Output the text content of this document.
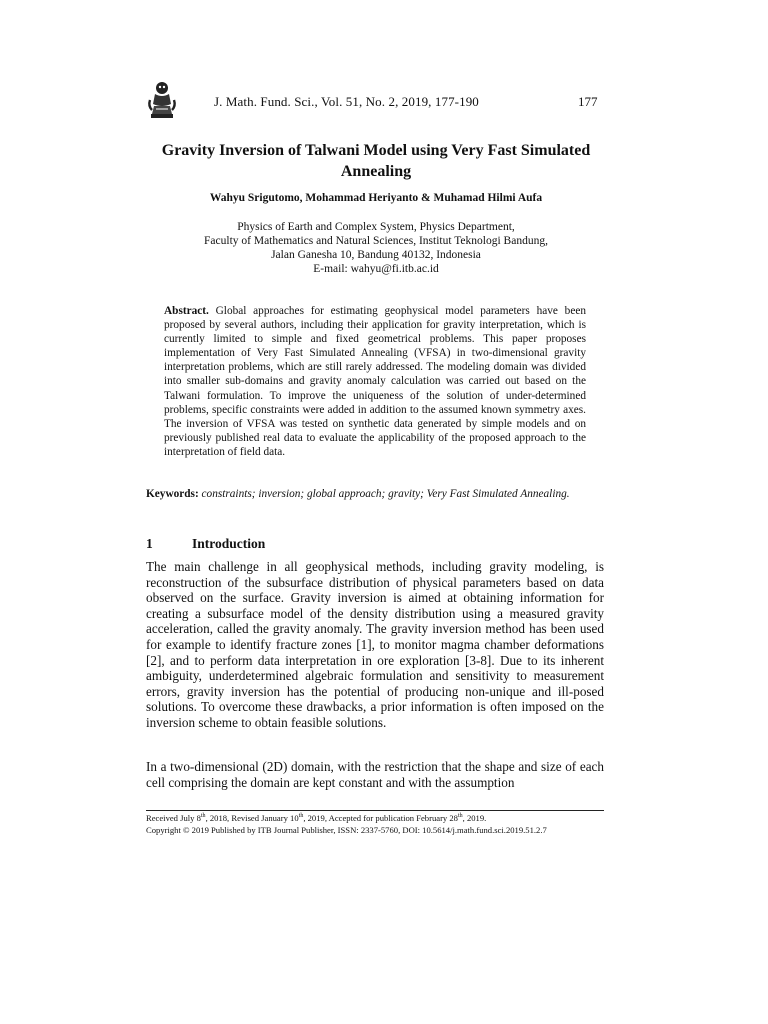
J. Math. Fund. Sci., Vol. 51, No. 2, 2019, 177-190	177
Gravity Inversion of Talwani Model using Very Fast Simulated Annealing

Wahyu Srigutomo, Mohammad Heriyanto & Muhamad Hilmi Aufa

Physics of Earth and Complex System, Physics Department,
Faculty of Mathematics and Natural Sciences, Institut Teknologi Bandung,
Jalan Ganesha 10, Bandung 40132, Indonesia
E-mail: wahyu@fi.itb.ac.id

Abstract. Global approaches for estimating geophysical model parameters have been proposed by several authors, including their application for gravity interpretation, which is currently limited to simple and fixed geometrical problems. This paper proposes implementation of Very Fast Simulated Annealing (VFSA) in two-dimensional gravity interpretation problems, which are still rarely addressed. The modeling domain was divided into smaller sub-domains and gravity anomaly calculation was carried out based on the Talwani formulation. To improve the uniqueness of the solution of under-determined problems, specific constraints were added in addition to the assumed known symmetry axes. The inversion of VFSA was tested on synthetic data generated by simple models and on previously published real data to evaluate the applicability of the proposed approach to the interpretation of field data.

Keywords: constraints; inversion; global approach; gravity; Very Fast Simulated Annealing.

1	Introduction

The main challenge in all geophysical methods, including gravity modeling, is reconstruction of the subsurface distribution of physical parameters based on data observed on the surface. Gravity inversion is aimed at obtaining information for creating a subsurface model of the density distribution using a measured gravity acceleration, called the gravity anomaly. The gravity inversion method has been used for example to identify fracture zones [1], to monitor magma chamber deformations [2], and to perform data interpretation in ore exploration [3-8]. Due to its inherent ambiguity, underdetermined algebraic formulation and sensitivity to measurement errors, gravity inversion has the potential of producing non-unique and ill-posed solutions. To overcome these drawbacks, a prior information is often imposed on the inversion scheme to obtain feasible solutions.

In a two-dimensional (2D) domain, with the restriction that the shape and size of each cell comprising the domain are kept constant and with the assumption

Received July 8th, 2018, Revised January 10th, 2019, Accepted for publication February 28th, 2019.

Copyright © 2019 Published by ITB Journal Publisher, ISSN: 2337-5760, DOI: 10.5614/j.math.fund.sci.2019.51.2.7
